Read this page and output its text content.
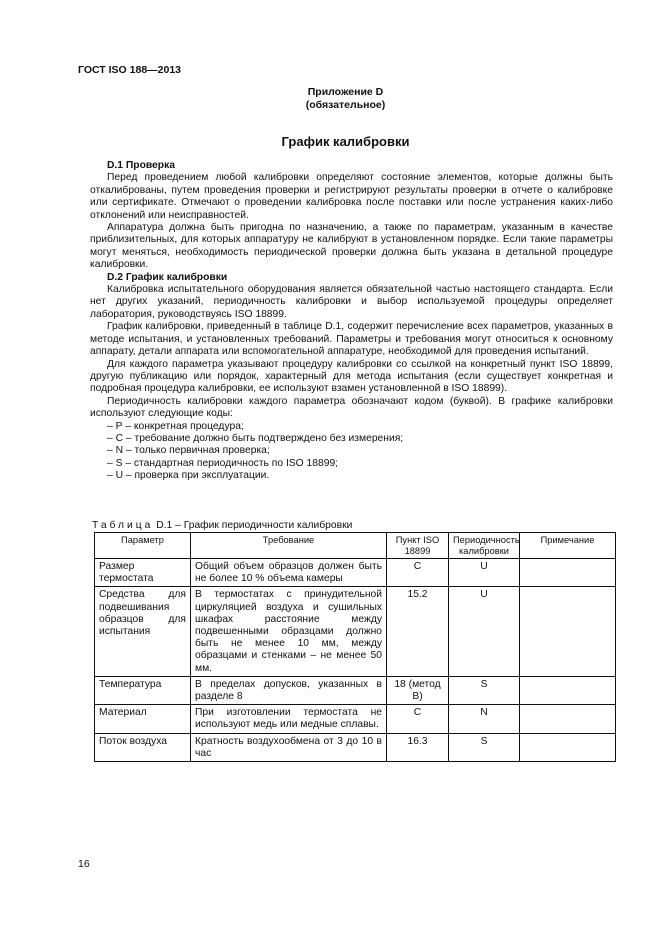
ГОСТ ISO 188—2013
Приложение D
(обязательное)
График калибровки
D.1 Проверка

Перед проведением любой калибровки определяют состояние элементов, которые должны быть откалиброваны, путем проведения проверки и регистрируют результаты проверки в отчете о калибровке или сертификате. Отмечают о проведении калибровка после поставки или после устранения каких-либо отклонений или неисправностей.

Аппаратура должна быть пригодна по назначению, а также по параметрам, указанным в качестве приблизительных, для которых аппаратуру не калибруют в установленном порядке. Если такие параметры могут меняться, необходимость периодической проверки должна быть указана в детальной процедуре калибровки.

D.2 График калибровки

Калибровка испытательного оборудования является обязательной частью настоящего стандарта. Если нет других указаний, периодичность калибровки и выбор используемой процедуры определяет лаборатория, руководствуясь ISO 18899.

График калибровки, приведенный в таблице D.1, содержит перечисление всех параметров, указанных в методе испытания, и установленных требований. Параметры и требования могут относиться к основному аппарату, детали аппарата или вспомогательной аппаратуре, необходимой для проведения испытаний.

Для каждого параметра указывают процедуру калибровки со ссылкой на конкретный пункт ISO 18899, другую публикацию или порядок, характерный для метода испытания (если существует конкретная и подробная процедура калибровки, ее используют взамен установленной в ISO 18899).

Периодичность калибровки каждого параметра обозначают кодом (буквой). В графике калибровки используют следующие коды:

– Р – конкретная процедура;
– С – требование должно быть подтверждено без измерения;
– N – только первичная проверка;
– S – стандартная периодичность по ISO 18899;
– U – проверка при эксплуатации.
Таблица D.1 – График периодичности калибровки
Параметр	Требование	Пункт ISO 18899	Периодичность калибровки	Примечание
Размер термостата	Общий объем образцов должен быть не более 10 % объема камеры	C	U	
Средства для подвешивания образцов для испытания	В термостатах с принудительной циркуляцией воздуха и сушильных шкафах расстояние между подвешенными образцами должно быть не менее 10 мм, между образцами и стенками – не менее 50 мм.	15.2	U	
Температура	В пределах допусков, указанных в разделе 8	18 (метод B)	S	
Материал	При изготовлении термостата не используют медь или медные сплавы.	C	N	
Поток воздуха	Кратность воздухообмена от 3 до 10 в час	16.3	S	
16
